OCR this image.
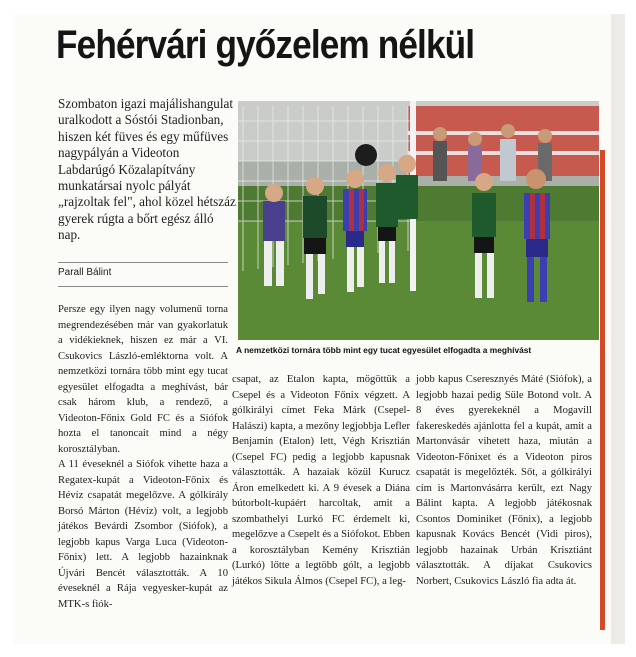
Fehérvári győzelem nélkül
Szombaton igazi majálishangulat uralkodott a Sóstói Stadionban, hiszen két füves és egy műfüves nagypályán a Videoton Labdarúgó Közalapítvány munkatársai nyolc pályát „rajzoltak fel", ahol közel hétszáz gyerek rúgta a bőrt egész álló nap.
Parall Bálint
A nemzetközi tornára több mint egy tucat egyesület elfogadta a meghívást

Persze egy ilyen nagy volumenű torna megrendezésében már van gyakorlatuk a vidékieknek, hiszen ez már a VI. Csukovics László-emléktorna volt. A nemzetközi tornára több mint egy tucat egyesület elfogadta a meghívást, bár csak három klub, a rendező, a Videoton-Főnix Gold FC és a Siófok hozta el tanoncait mind a négy korosztályban.

A 11 éveseknél a Siófok vihette haza a Regatex-kupát a Videoton-Főnix és Hévíz csapatát megelőzve. A gólkirály Borsó Márton (Hévíz) volt, a legjobb játékos Bevárdi Zsombor (Siófok), a legjobb kapus Varga Luca (Videoton-Főnix) lett. A legjobb hazainknak Újvári Bencét választották. A 10 éveseknél a Rája vegyesker-kupát az MTK-s fiók-

csapat, az Etalon kapta, mögöttük a Csepel és a Videoton Főnix végzett. A gólkirályi címet Feka Márk (Csepel-Halászi) kapta, a mezőny legjobbja Lefler Benjamin (Etalon) lett, Végh Krisztián (Csepel FC) pedig a legjobb kapusnak választották. A hazaiak közül Kurucz Áron emelkedett ki. A 9 évesek a Diána bútorbolt-kupáért harcoltak, amit a szombathelyi Lurkó FC érdemelt ki, megelőzve a Csepelt és a Siófokot. Ebben a korosztályban Kemény Krisztián (Lurkó) lőtte a legtöbb gólt, a legjobb játékos Sikula Álmos (Csepel FC), a leg-
jobb kapus Cseresznyés Máté (Siófok), a legjobb hazai pedig Süle Botond volt. A 8 éves gyerekeknél a Mogavill fakereskedés ajánlotta fel a kupát, amit a Martonvásár vihetett haza, miután a Videoton-Főnixet és a Videoton piros csapatát is megelőzték. Sőt, a gólkirályi cím is Martonvásárra került, ezt Nagy Bálint kapta. A legjobb játékosnak Csontos Dominiket (Főnix), a legjobb kapusnak Kovács Bencét (Vidi piros), legjobb hazainak Urbán Krisztiánt választották. A díjakat Csukovics Norbert, Csukovics László fia adta át.
